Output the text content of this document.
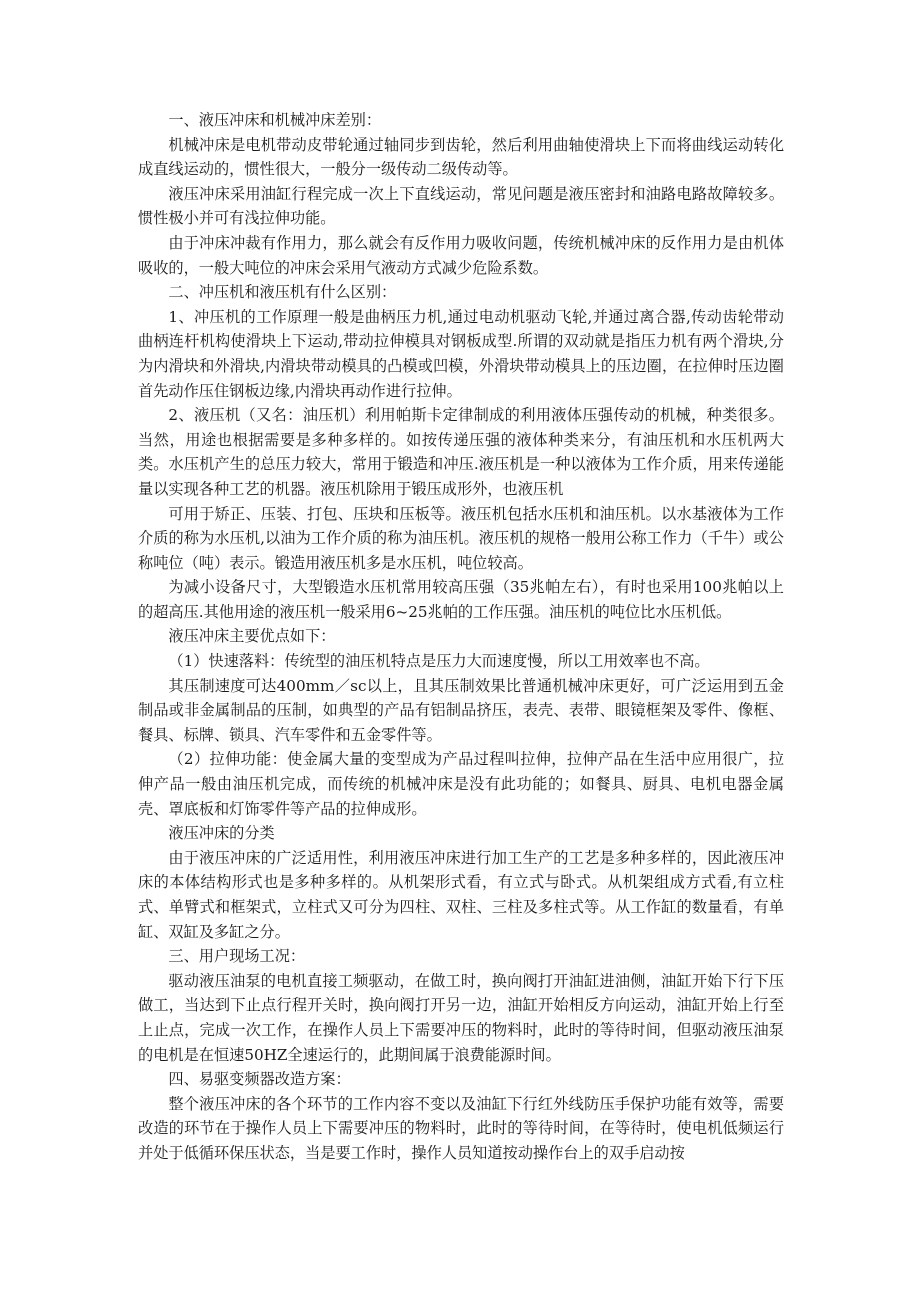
一、液压冲床和机械冲床差别：

机械冲床是电机带动皮带轮通过轴同步到齿轮，然后利用曲轴使滑块上下而将曲线运动转化成直线运动的，惯性很大，一般分一级传动二级传动等。

液压冲床采用油缸行程完成一次上下直线运动，常见问题是液压密封和油路电路故障较多。惯性极小并可有浅拉伸功能。

由于冲床冲裁有作用力，那么就会有反作用力吸收问题，传统机械冲床的反作用力是由机体吸收的，一般大吨位的冲床会采用气液动方式减少危险系数。

二、冲压机和液压机有什么区别：

1、冲压机的工作原理一般是曲柄压力机,通过电动机驱动飞轮,并通过离合器,传动齿轮带动曲柄连杆机构使滑块上下运动,带动拉伸模具对钢板成型.所谓的双动就是指压力机有两个滑块,分为内滑块和外滑块,内滑块带动模具的凸模或凹模，外滑块带动模具上的压边圈，在拉伸时压边圈首先动作压住钢板边缘,内滑块再动作进行拉伸。

2、液压机（又名：油压机）利用帕斯卡定律制成的利用液体压强传动的机械，种类很多。当然，用途也根据需要是多种多样的。如按传递压强的液体种类来分，有油压机和水压机两大类。水压机产生的总压力较大，常用于锻造和冲压.液压机是一种以液体为工作介质，用来传递能量以实现各种工艺的机器。液压机除用于锻压成形外，也液压机

可用于矫正、压装、打包、压块和压板等。液压机包括水压机和油压机。以水基液体为工作介质的称为水压机,以油为工作介质的称为油压机。液压机的规格一般用公称工作力（千牛）或公称吨位（吨）表示。锻造用液压机多是水压机，吨位较高。

为减小设备尺寸，大型锻造水压机常用较高压强（35兆帕左右），有时也采用100兆帕以上的超高压.其他用途的液压机一般采用6~25兆帕的工作压强。油压机的吨位比水压机低。

液压冲床主要优点如下：

（1）快速落料：传统型的油压机特点是压力大而速度慢，所以工用效率也不高。

其压制速度可达400mm／sc以上，且其压制效果比普通机械冲床更好，可广泛运用到五金制品或非金属制品的压制，如典型的产品有铝制品挤压，表壳、表带、眼镜框架及零件、像框、餐具、标牌、锁具、汽车零件和五金零件等。

（2）拉伸功能：使金属大量的变型成为产品过程叫拉伸，拉伸产品在生活中应用很广，拉伸产品一般由油压机完成，而传统的机械冲床是没有此功能的；如餐具、厨具、电机电器金属壳、罩底板和灯饰零件等产品的拉伸成形。

液压冲床的分类

由于液压冲床的广泛适用性，利用液压冲床进行加工生产的工艺是多种多样的，因此液压冲床的本体结构形式也是多种多样的。从机架形式看，有立式与卧式。从机架组成方式看,有立柱式、单臂式和框架式，立柱式又可分为四柱、双柱、三柱及多柱式等。从工作缸的数量看，有单缸、双缸及多缸之分。

三、用户现场工况：

驱动液压油泵的电机直接工频驱动，在做工时，换向阀打开油缸进油侧，油缸开始下行下压做工，当达到下止点行程开关时，换向阀打开另一边，油缸开始相反方向运动，油缸开始上行至上止点，完成一次工作，在操作人员上下需要冲压的物料时，此时的等待时间，但驱动液压油泵的电机是在恒速50HZ全速运行的，此期间属于浪费能源时间。

四、易驱变频器改造方案：

整个液压冲床的各个环节的工作内容不变以及油缸下行红外线防压手保护功能有效等，需要改造的环节在于操作人员上下需要冲压的物料时，此时的等待时间，在等待时，使电机低频运行并处于低循环保压状态，当是要工作时，操作人员知道按动操作台上的双手启动按
